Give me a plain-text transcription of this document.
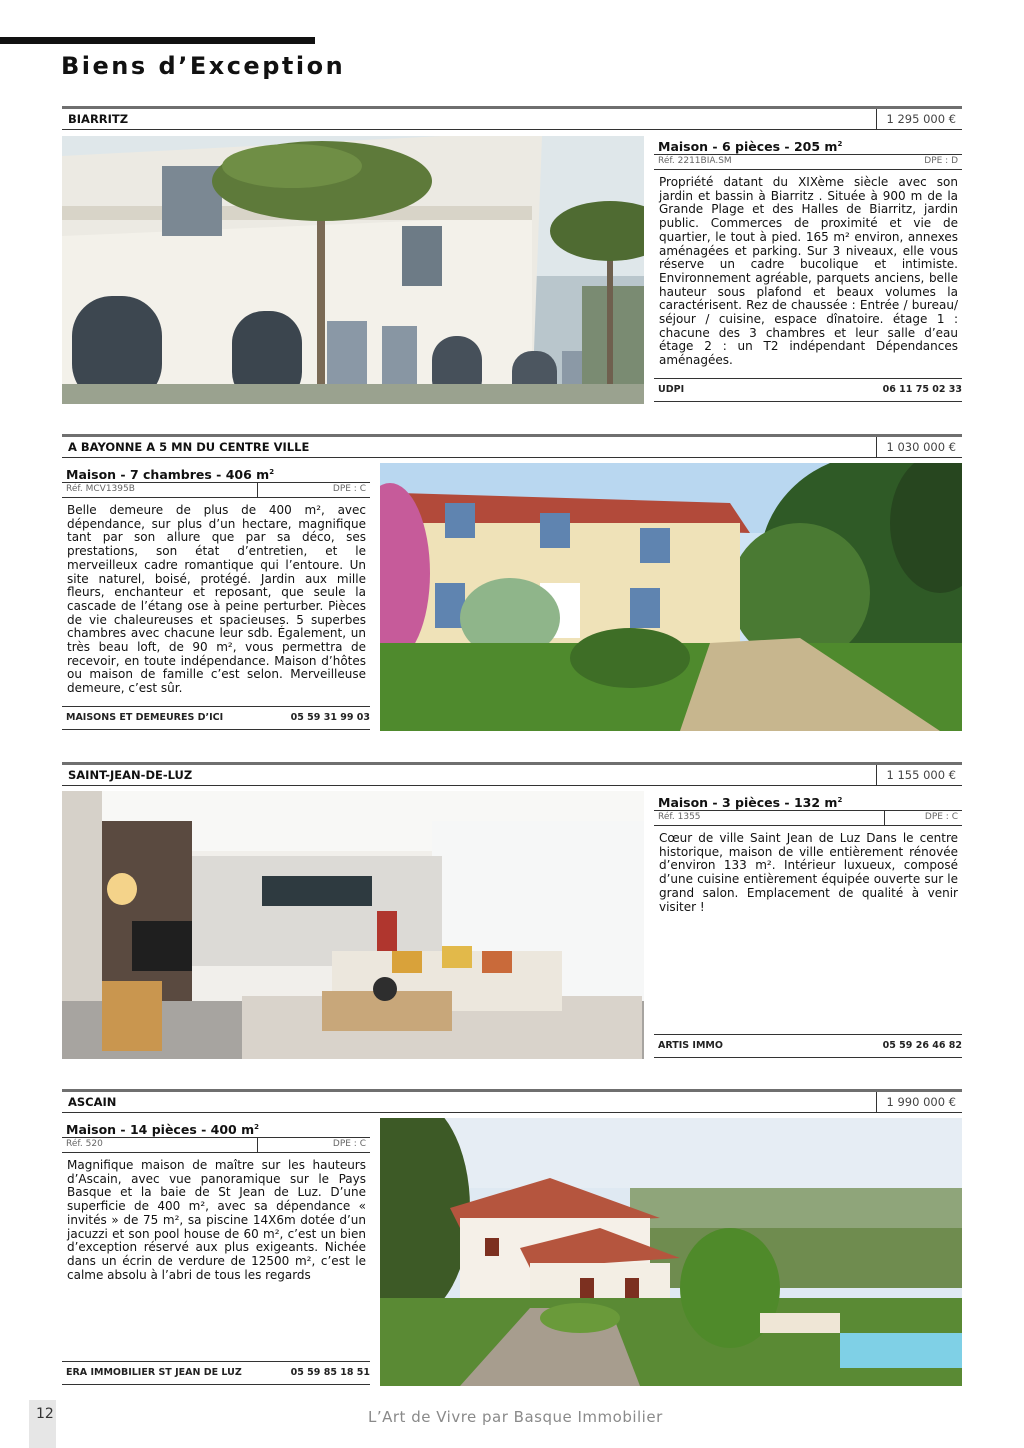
Biens d’Exception
BIARRITZ	1 295 000 €
Maison - 6 pièces - 205 $m^2$
Réf. 2211BIA.SM	DPE : D
Propriété datant du XIXème siècle avec son jardin et bassin à Biarritz . Située à 900 m de la Grande Plage et des Halles de Biarritz, jardin public. Commerces de proximité et vie de quartier, le tout à pied. 165 m² environ, annexes aménagées et parking. Sur 3 niveaux, elle vous réserve un cadre bucolique et intimiste. Environnement agréable, parquets anciens, belle hauteur sous plafond et beaux volumes la caractérisent. Rez de chaussée : Entrée / bureau/ séjour / cuisine, espace dînatoire. étage 1 : chacune des 3 chambres et leur salle d’eau étage 2 : un T2 indépendant Dépendances aménagées.
UDPI	06 11 75 02 33
A BAYONNE A 5 MN DU CENTRE VILLE	1 030 000 €
Maison - 7 chambres - 406 $m^2$
Réf. MCV1395B	DPE : C
Belle demeure de plus de 400 m², avec dépendance, sur plus d’un hectare, magnifique tant par son allure que par sa déco, ses prestations, son état d’entretien, et le merveilleux cadre romantique qui l’entoure. Un site naturel, boisé, protégé. Jardin aux mille fleurs, enchanteur et reposant, que seule la cascade de l’étang ose à peine perturber. Pièces de vie chaleureuses et spacieuses. 5 superbes chambres avec chacune leur sdb. Également, un très beau loft, de 90 m², vous permettra de recevoir, en toute indépendance. Maison d’hôtes ou maison de famille c’est selon. Merveilleuse demeure, c’est sûr.
MAISONS ET DEMEURES D’ICI	05 59 31 99 03
SAINT-JEAN-DE-LUZ	1 155 000 €
Maison - 3 pièces - 132 $m^2$
Réf. 1355	DPE : C
Cœur de ville Saint Jean de Luz Dans le centre historique, maison de ville entièrement rénovée d’environ 133 m². Intérieur luxueux, composé d’une cuisine entièrement équipée ouverte sur le grand salon. Emplacement de qualité à venir visiter !
ARTIS IMMO	05 59 26 46 82
ASCAIN	1 990 000 €
Maison - 14 pièces - 400 $m^2$
Réf. 520	DPE : C
Magnifique maison de maître sur les hauteurs d’Ascain, avec vue panoramique sur le Pays Basque et la baie de St Jean de Luz. D’une superficie de 400 m², avec sa dépendance « invités » de 75 m², sa piscine 14X6m dotée d’un jacuzzi et son pool house de 60 m², c’est un bien d’exception réservé aux plus exigeants. Nichée dans un écrin de verdure de 12500 m², c’est le calme absolu à l’abri de tous les regards
ERA IMMOBILIER ST JEAN DE LUZ	05 59 85 18 51
12	L’Art de Vivre par Basque Immobilier
